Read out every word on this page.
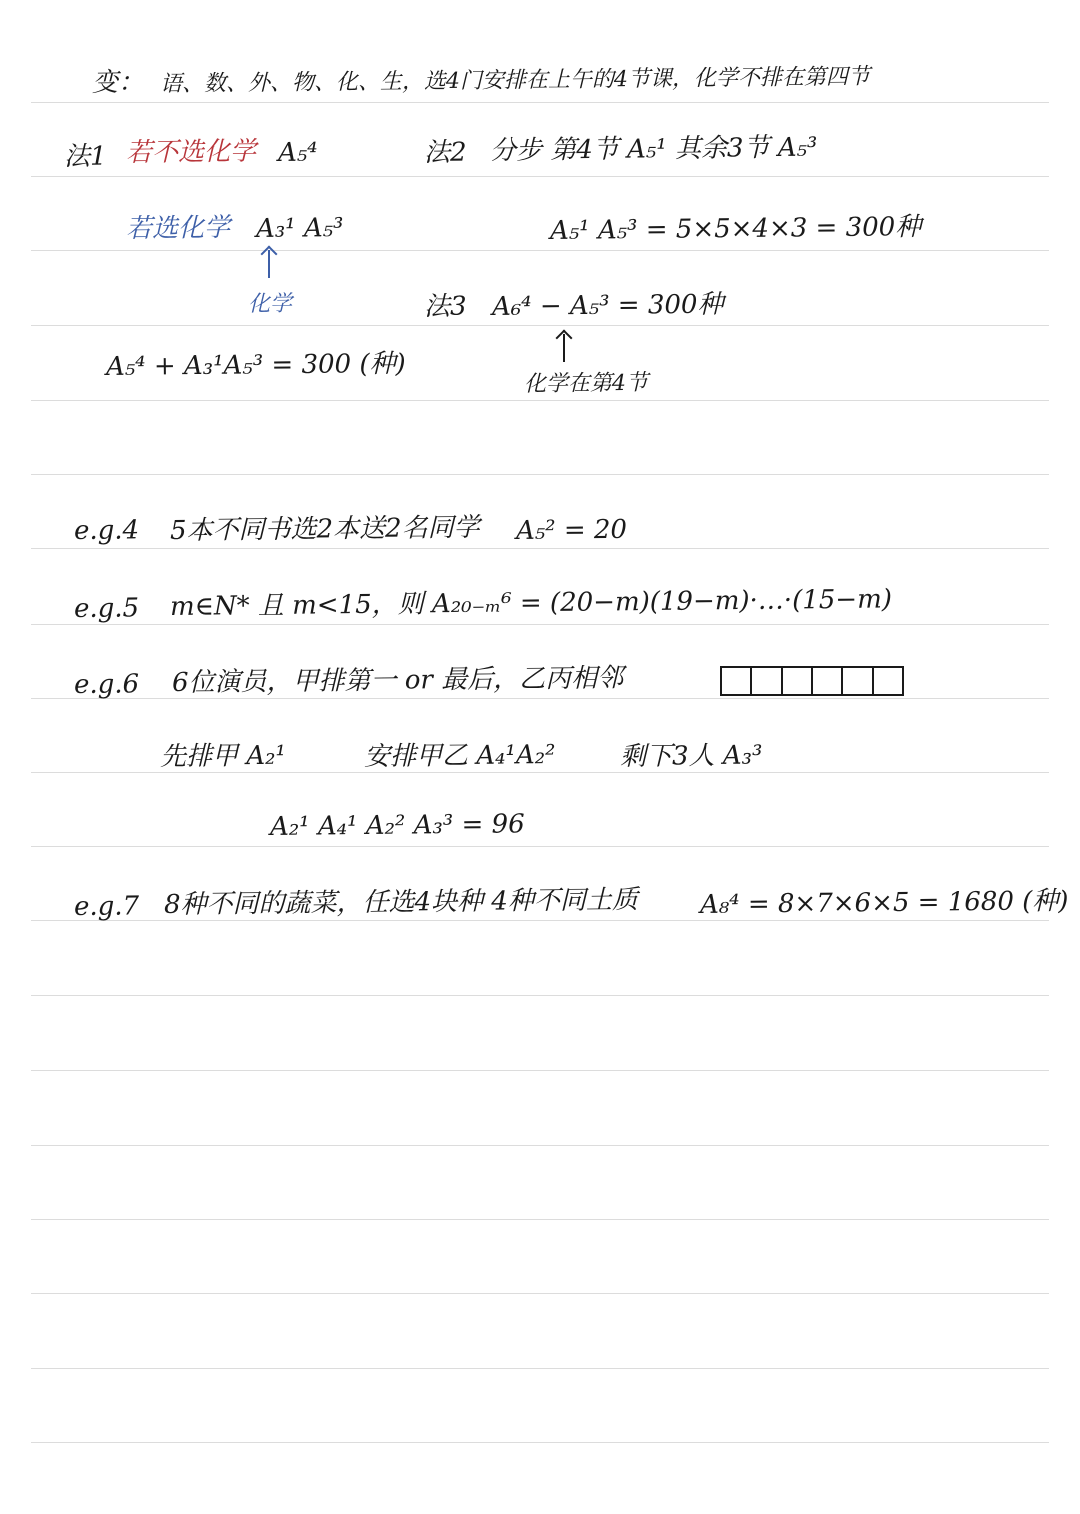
变： 语、数、外、物、化、生，选4门安排在上午的4节课，化学不排在第四节
法1 若不选化学 A₅⁴
若选化学 A₃¹ A₅³
化学
A₅⁴ + A₃¹A₅³ = 300 (种)
法2 分步 第4节 A₅¹ 其余3节 A₅³
A₅¹ A₅³ = 5×5×4×3 = 300种
法3 A₆⁴ − A₅³ = 300种
化学在第4节
e.g.4 5本不同书选2本送2名同学 A₅² = 20
e.g.5 m∈N* 且 m<15，则 A₂₀₋ₘ⁶ = (20−m)(19−m)·…·(15−m)
e.g.6 6位演员，甲排第一 or 最后，乙丙相邻
先排甲 A₂¹	安排甲乙 A₄¹A₂² 剩下3人 A₃³
A₂¹ A₄¹ A₂² A₃³ = 96
e.g.7 8种不同的蔬菜，任选4块种 4种不同土质 A₈⁴ = 8×7×6×5 = 1680 (种)
